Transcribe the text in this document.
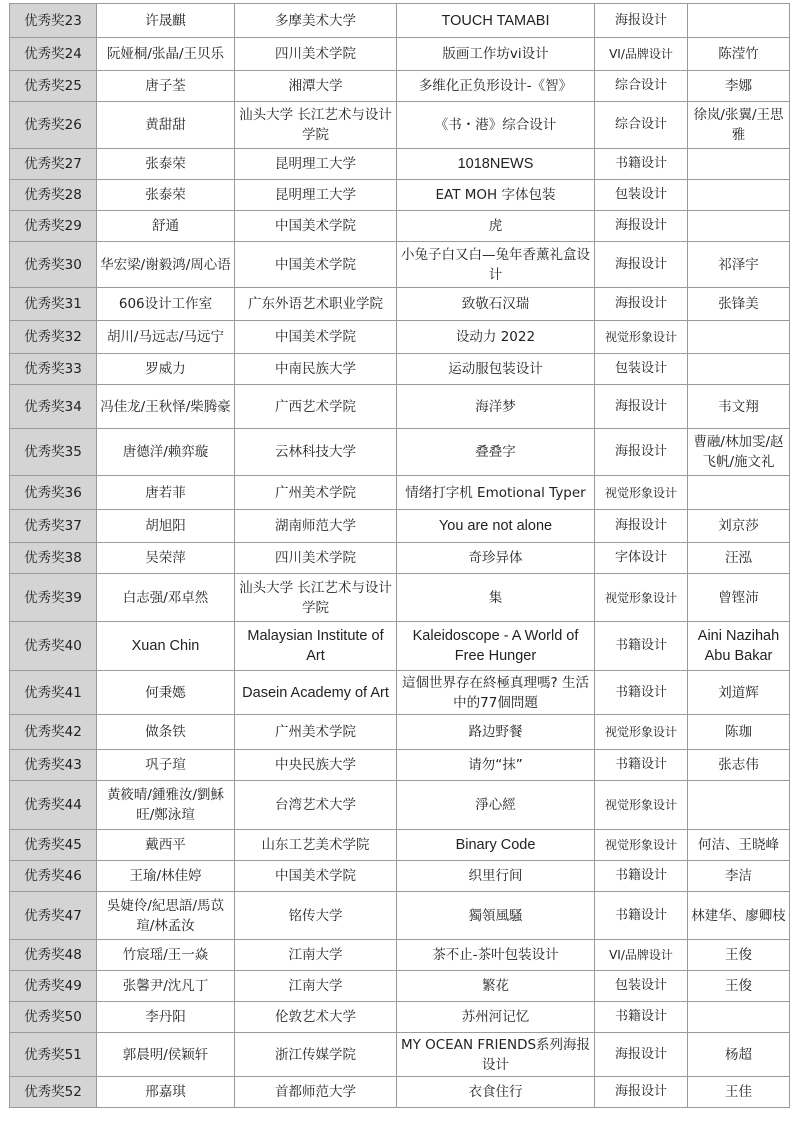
优秀奖23	许晟麒	多摩美术大学	TOUCH TAMABI	海报设计	
优秀奖24	阮娅桐/张晶/王贝乐	四川美术学院	版画工作坊vi设计	VI/品牌设计	陈滢竹
优秀奖25	唐子荃	湘潭大学	多维化正负形设计-《智》	综合设计	李娜
优秀奖26	黄甜甜	汕头大学 长江艺术与设计学院	《书・港》综合设计	综合设计	徐岚/张翼/王思雅
优秀奖27	张泰荣	昆明理工大学	1018NEWS	书籍设计	
优秀奖28	张泰荣	昆明理工大学	EAT MOH 字体包装	包装设计	
优秀奖29	舒通	中国美术学院	虎	海报设计	
优秀奖30	华宏梁/谢毅鸿/周心语	中国美术学院	小兔子白又白—兔年香薰礼盒设计	海报设计	祁泽宇
优秀奖31	606设计工作室	广东外语艺术职业学院	致敬石汉瑞	海报设计	张锋美
优秀奖32	胡川/马远志/马远宁	中国美术学院	设动力 2022	视觉形象设计	
优秀奖33	罗威力	中南民族大学	运动服包装设计	包装设计	
优秀奖34	冯佳龙/王秋怿/柴腾豪	广西艺术学院	海洋梦	海报设计	韦文翔
优秀奖35	唐德洋/赖弈璇	云林科技大学	叠叠字	海报设计	曹融/林加雯/赵飞帆/施文礼
优秀奖36	唐若菲	广州美术学院	情绪打字机 Emotional Typer	视觉形象设计	
优秀奖37	胡旭阳	湖南师范大学	You are not alone	海报设计	刘京莎
优秀奖38	吴荣萍	四川美术学院	奇珍异体	字体设计	汪泓
优秀奖39	白志强/邓卓然	汕头大学 长江艺术与设计学院	集	视觉形象设计	曾铿沛
优秀奖40	Xuan Chin	Malaysian Institute of Art	Kaleidoscope - A World of Free Hunger	书籍设计	Aini Nazihah Abu Bakar
优秀奖41	何秉嫕	Dasein Academy of Art	這個世界存在終極真理嗎? 生活中的77個問題	书籍设计	刘道辉
优秀奖42	做条铁	广州美术学院	路边野餐	视觉形象设计	陈珈
优秀奖43	巩子瑄	中央民族大学	请勿“抹”	书籍设计	张志伟
优秀奖44	黃筱晴/鍾雅汝/劉穌旺/鄭泳瑄	台湾艺术大学	淨心經	视觉形象设计	
优秀奖45	戴西平	山东工艺美术学院	Binary Code	视觉形象设计	何洁、王晓峰
优秀奖46	王瑜/林佳婷	中国美术学院	织里行间	书籍设计	李洁
优秀奖47	吳婕伶/紀思語/馬苡瑄/林孟汝	铭传大学	獨領風騷	书籍设计	林建华、廖卿枝
优秀奖48	竹宸瑶/王一焱	江南大学	茶不止-茶叶包装设计	VI/品牌设计	王俊
优秀奖49	张馨尹/沈凡丁	江南大学	繁花	包装设计	王俊
优秀奖50	李丹阳	伦敦艺术大学	苏州河记忆	书籍设计	
优秀奖51	郭晨明/侯颖轩	浙江传媒学院	MY OCEAN FRIENDS系列海报设计	海报设计	杨超
优秀奖52	邢嘉琪	首都师范大学	衣食住行	海报设计	王佳
